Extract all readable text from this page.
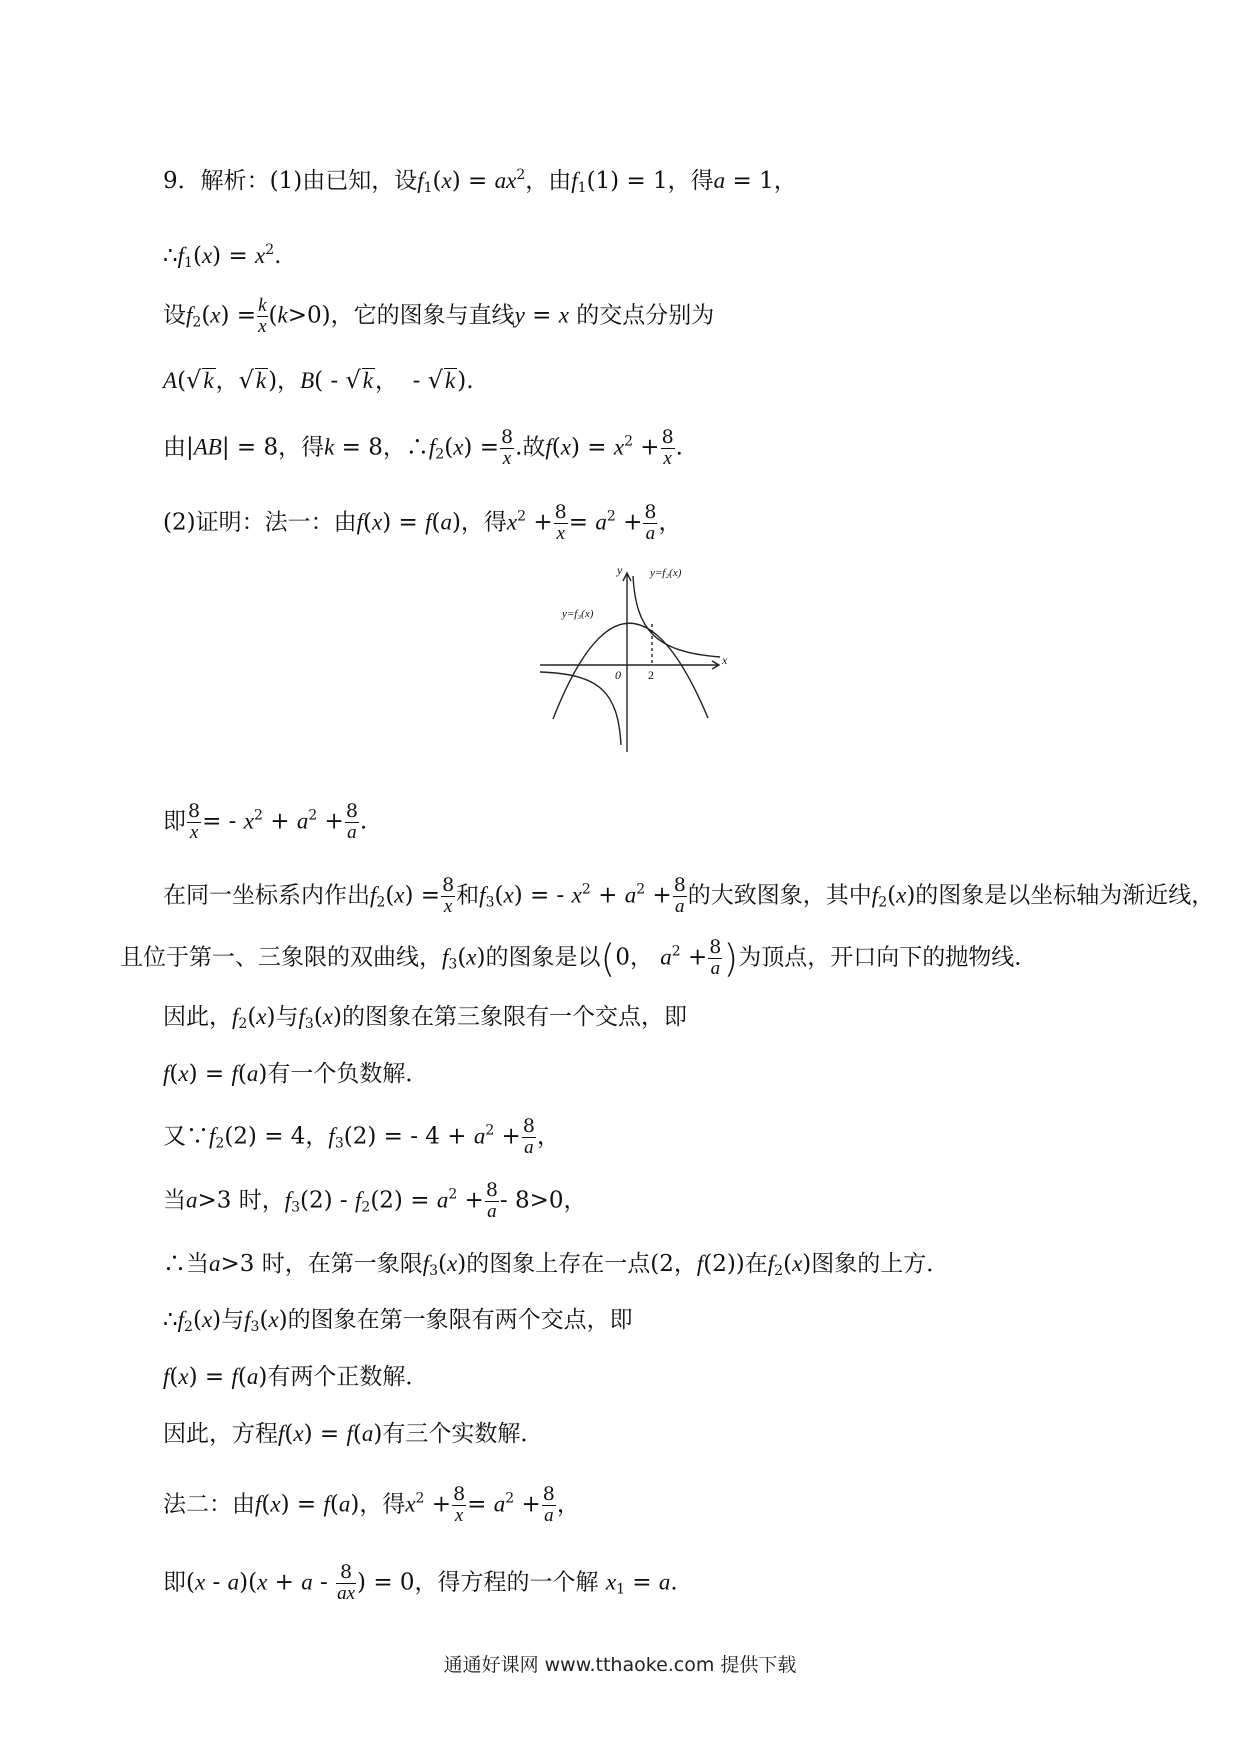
9．解析：(1)由已知，设$f_1(x) = ax^2$，由$f_1(1) = 1$，得a = 1，
$\therefore f_1(x) = x^2$.
设$f_2(x) = \frac{k}{x} (k>0)$，它的图象与直线y = x 的交点分别为
A(√k，√k)，B( - √k，  - √k).
由|AB| = 8，得k = 8，$\therefore f_2(x) = \frac{8}{x}$ .故$f(x) = x^2 + \frac{8}{x}$ .
(2)证明：法一：由f(x) = f(a)，得$x^2 + \frac{8}{x} = a^2 + \frac{8}{a}$ ，
y
x
0 2
y=f₂(x)
y=f₃(x)
即 $\frac{8}{x}$ = - $x^2 + a^2 + \frac{8}{a}$ .
在同一坐标系内作出$f_2(x) = \frac{8}{x}$ 和$f_3(x)$ = - $x^2 + a^2 + \frac{8}{a}$ 的大致图象，其中$f_2(x)$的图象是以坐标轴为渐近线，
且位于第一、三象限的双曲线，$f_3(x)$的图象是以(0， $a^2 + \frac{8}{a}$ )为顶点，开口向下的抛物线．
因此，$f_2(x)$与$f_3(x)$的图象在第三象限有一个交点，即
f(x) = f(a)有一个负数解．
又$\because f_2(2) = 4$，$f_3(2)$ = - $4 + a^2 + \frac{8}{a}$ ，
当a>3 时，$f_3(2) - f_2(2) = a^2 + \frac{8}{a} - 8>0$，
∴当a>3 时，在第一象限$f_3(x)$的图象上存在一点(2，f(2))在$f_2(x)$图象的上方．
$\therefore f_2(x)$与$f_3(x)$的图象在第一象限有两个交点，即
f(x) = f(a)有两个正数解．
因此，方程f(x) = f(a)有三个实数解．
法二：由f(x) = f(a)，得$x^2 + \frac{8}{x} = a^2 + \frac{8}{a}$ ，
即$(x - a)(x + a - \frac{8}{ax}$ ) = 0，得方程的一个解 $x_1 = a$.
通通好课网 www.tthaoke.com 提供下载
